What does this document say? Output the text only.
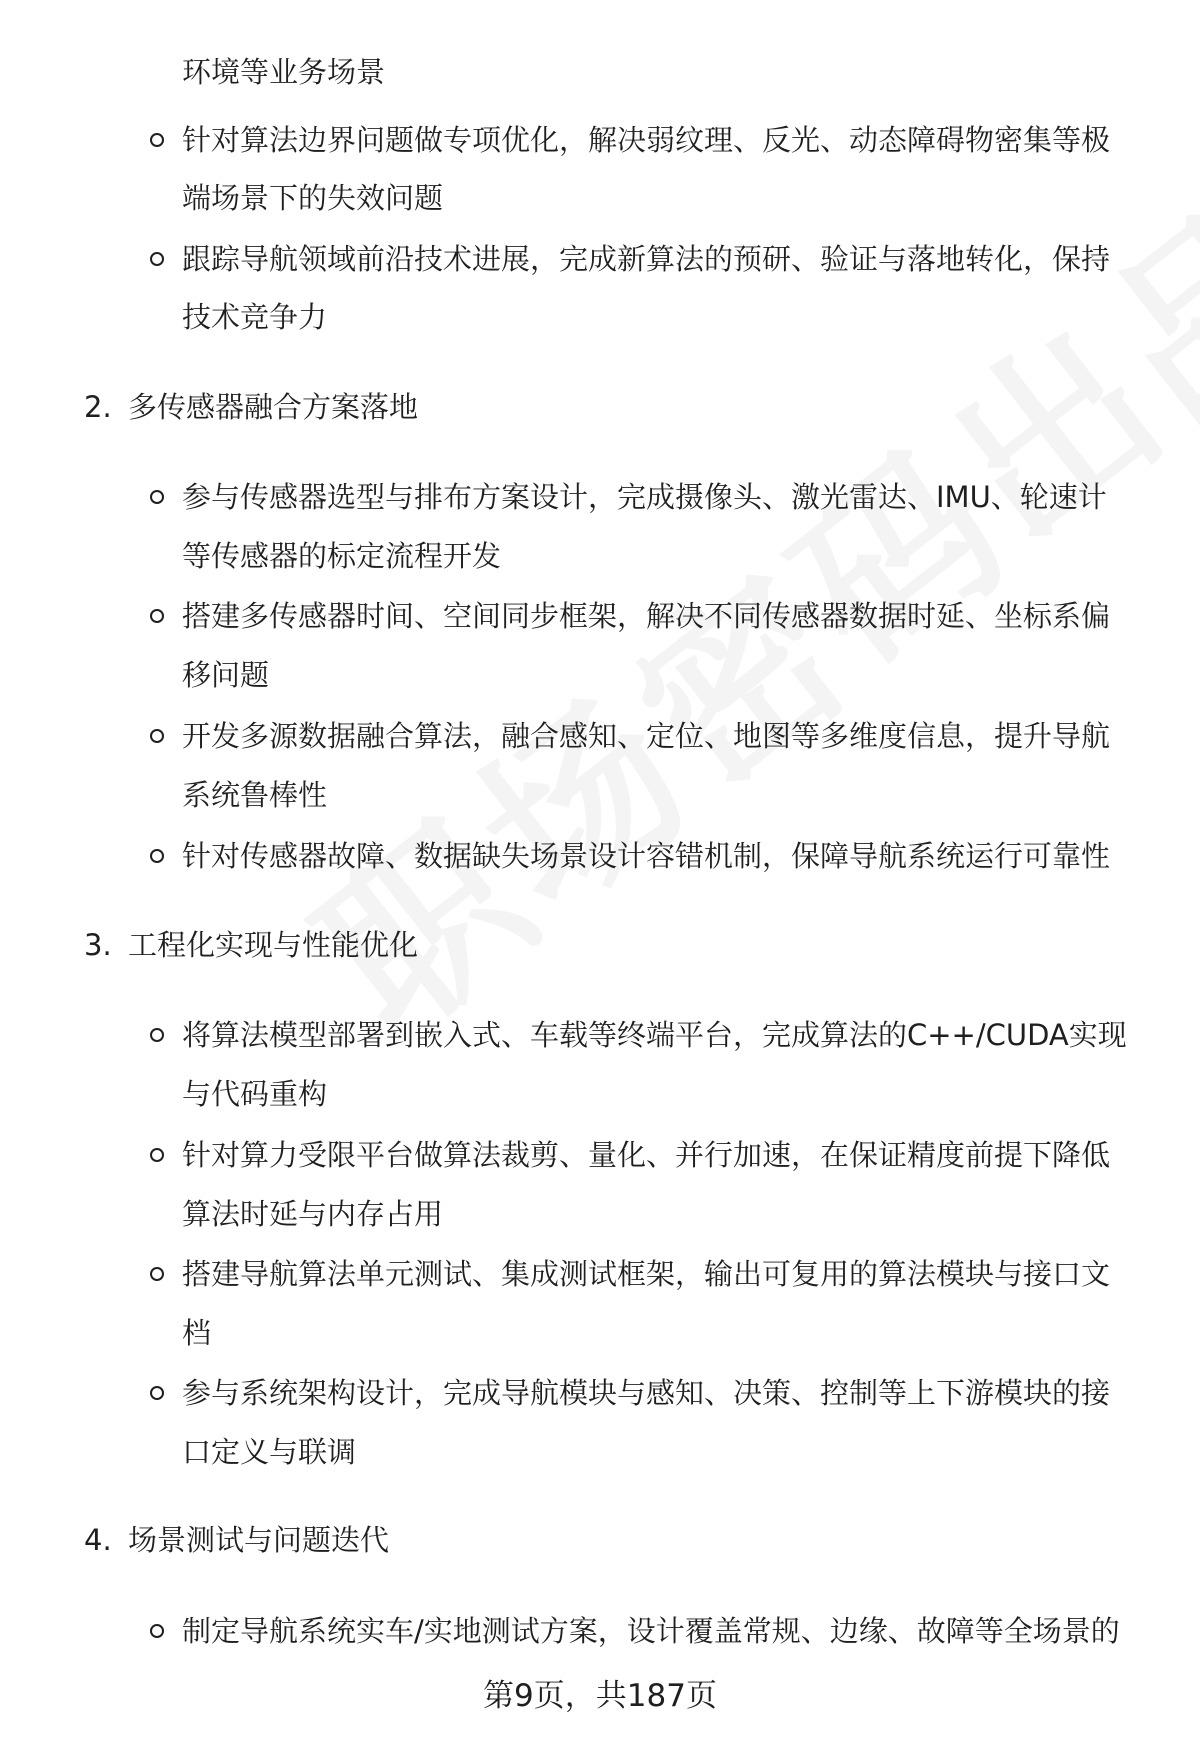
环境等业务场景
针对算法边界问题做专项优化，解决弱纹理、反光、动态障碍物密集等极
端场景下的失效问题
跟踪导航领域前沿技术进展，完成新算法的预研、验证与落地转化，保持
技术竞争力
2. 多传感器融合方案落地
参与传感器选型与排布方案设计，完成摄像头、激光雷达、IMU、轮速计
等传感器的标定流程开发
搭建多传感器时间、空间同步框架，解决不同传感器数据时延、坐标系偏
移问题
开发多源数据融合算法，融合感知、定位、地图等多维度信息，提升导航
系统鲁棒性
针对传感器故障、数据缺失场景设计容错机制，保障导航系统运行可靠性
3. 工程化实现与性能优化
将算法模型部署到嵌入式、车载等终端平台，完成算法的C++/CUDA实现
与代码重构
针对算力受限平台做算法裁剪、量化、并行加速，在保证精度前提下降低
算法时延与内存占用
搭建导航算法单元测试、集成测试框架，输出可复用的算法模块与接口文
档
参与系统架构设计，完成导航模块与感知、决策、控制等上下游模块的接
口定义与联调
4. 场景测试与问题迭代
制定导航系统实车/实地测试方案，设计覆盖常规、边缘、故障等全场景的
第9页，共187页
